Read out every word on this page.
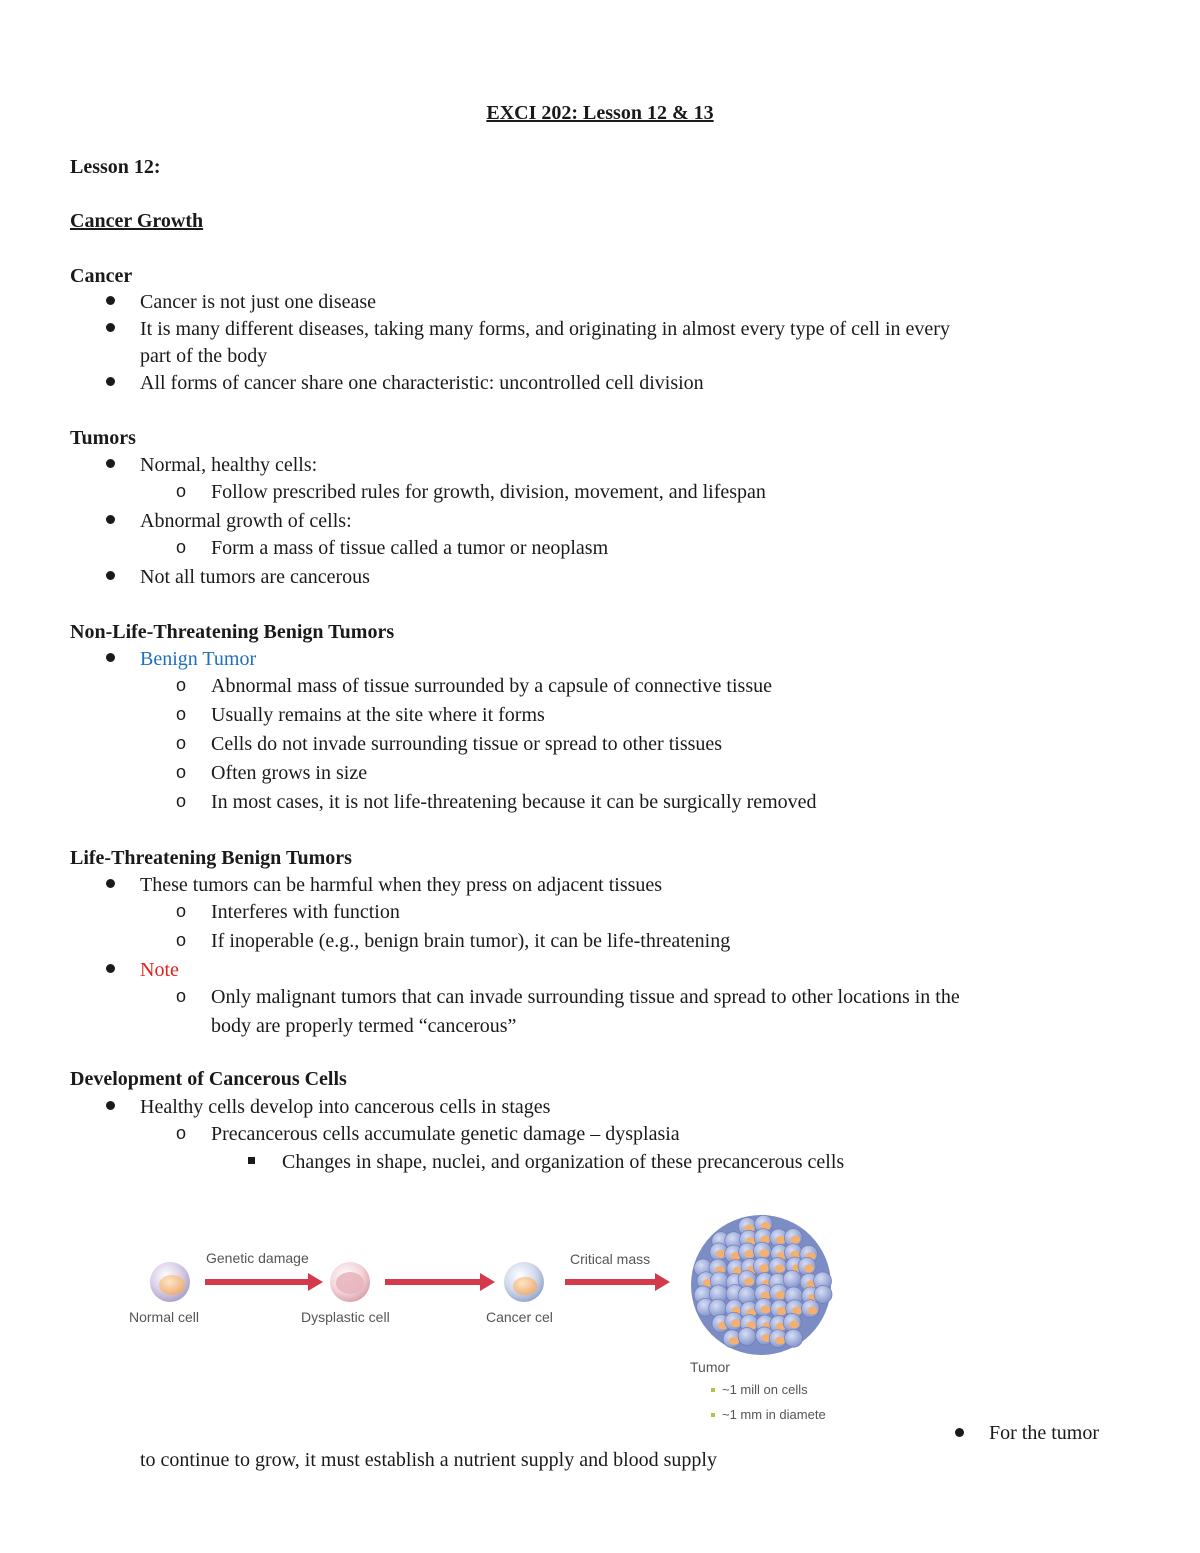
EXCI 202: Lesson 12 & 13
Lesson 12:
Cancer Growth
Cancer
Cancer is not just one disease
It is many different diseases, taking many forms, and originating in almost every type of cell in every
part of the body
All forms of cancer share one characteristic: uncontrolled cell division
Tumors
Normal, healthy cells:
o Follow prescribed rules for growth, division, movement, and lifespan
Abnormal growth of cells:
o Form a mass of tissue called a tumor or neoplasm
Not all tumors are cancerous
Non-Life-Threatening Benign Tumors
Benign Tumor
o Abnormal mass of tissue surrounded by a capsule of connective tissue
o Usually remains at the site where it forms
o Cells do not invade surrounding tissue or spread to other tissues
o Often grows in size
o In most cases, it is not life-threatening because it can be surgically removed
Life-Threatening Benign Tumors
These tumors can be harmful when they press on adjacent tissues
o Interferes with function
o If inoperable (e.g., benign brain tumor), it can be life-threatening
Note
o Only malignant tumors that can invade surrounding tissue and spread to other locations in the
body are properly termed “cancerous”
Development of Cancerous Cells
Healthy cells develop into cancerous cells in stages
o Precancerous cells accumulate genetic damage – dysplasia
Changes in shape, nuclei, and organization of these precancerous cells
Normal cell
Genetic damage
Dysplastic cell	Cancer cel
Critical mass
Tumor
~1 mill on cells
~1 mm in diamete
For the tumor
to continue to grow, it must establish a nutrient supply and blood supply
